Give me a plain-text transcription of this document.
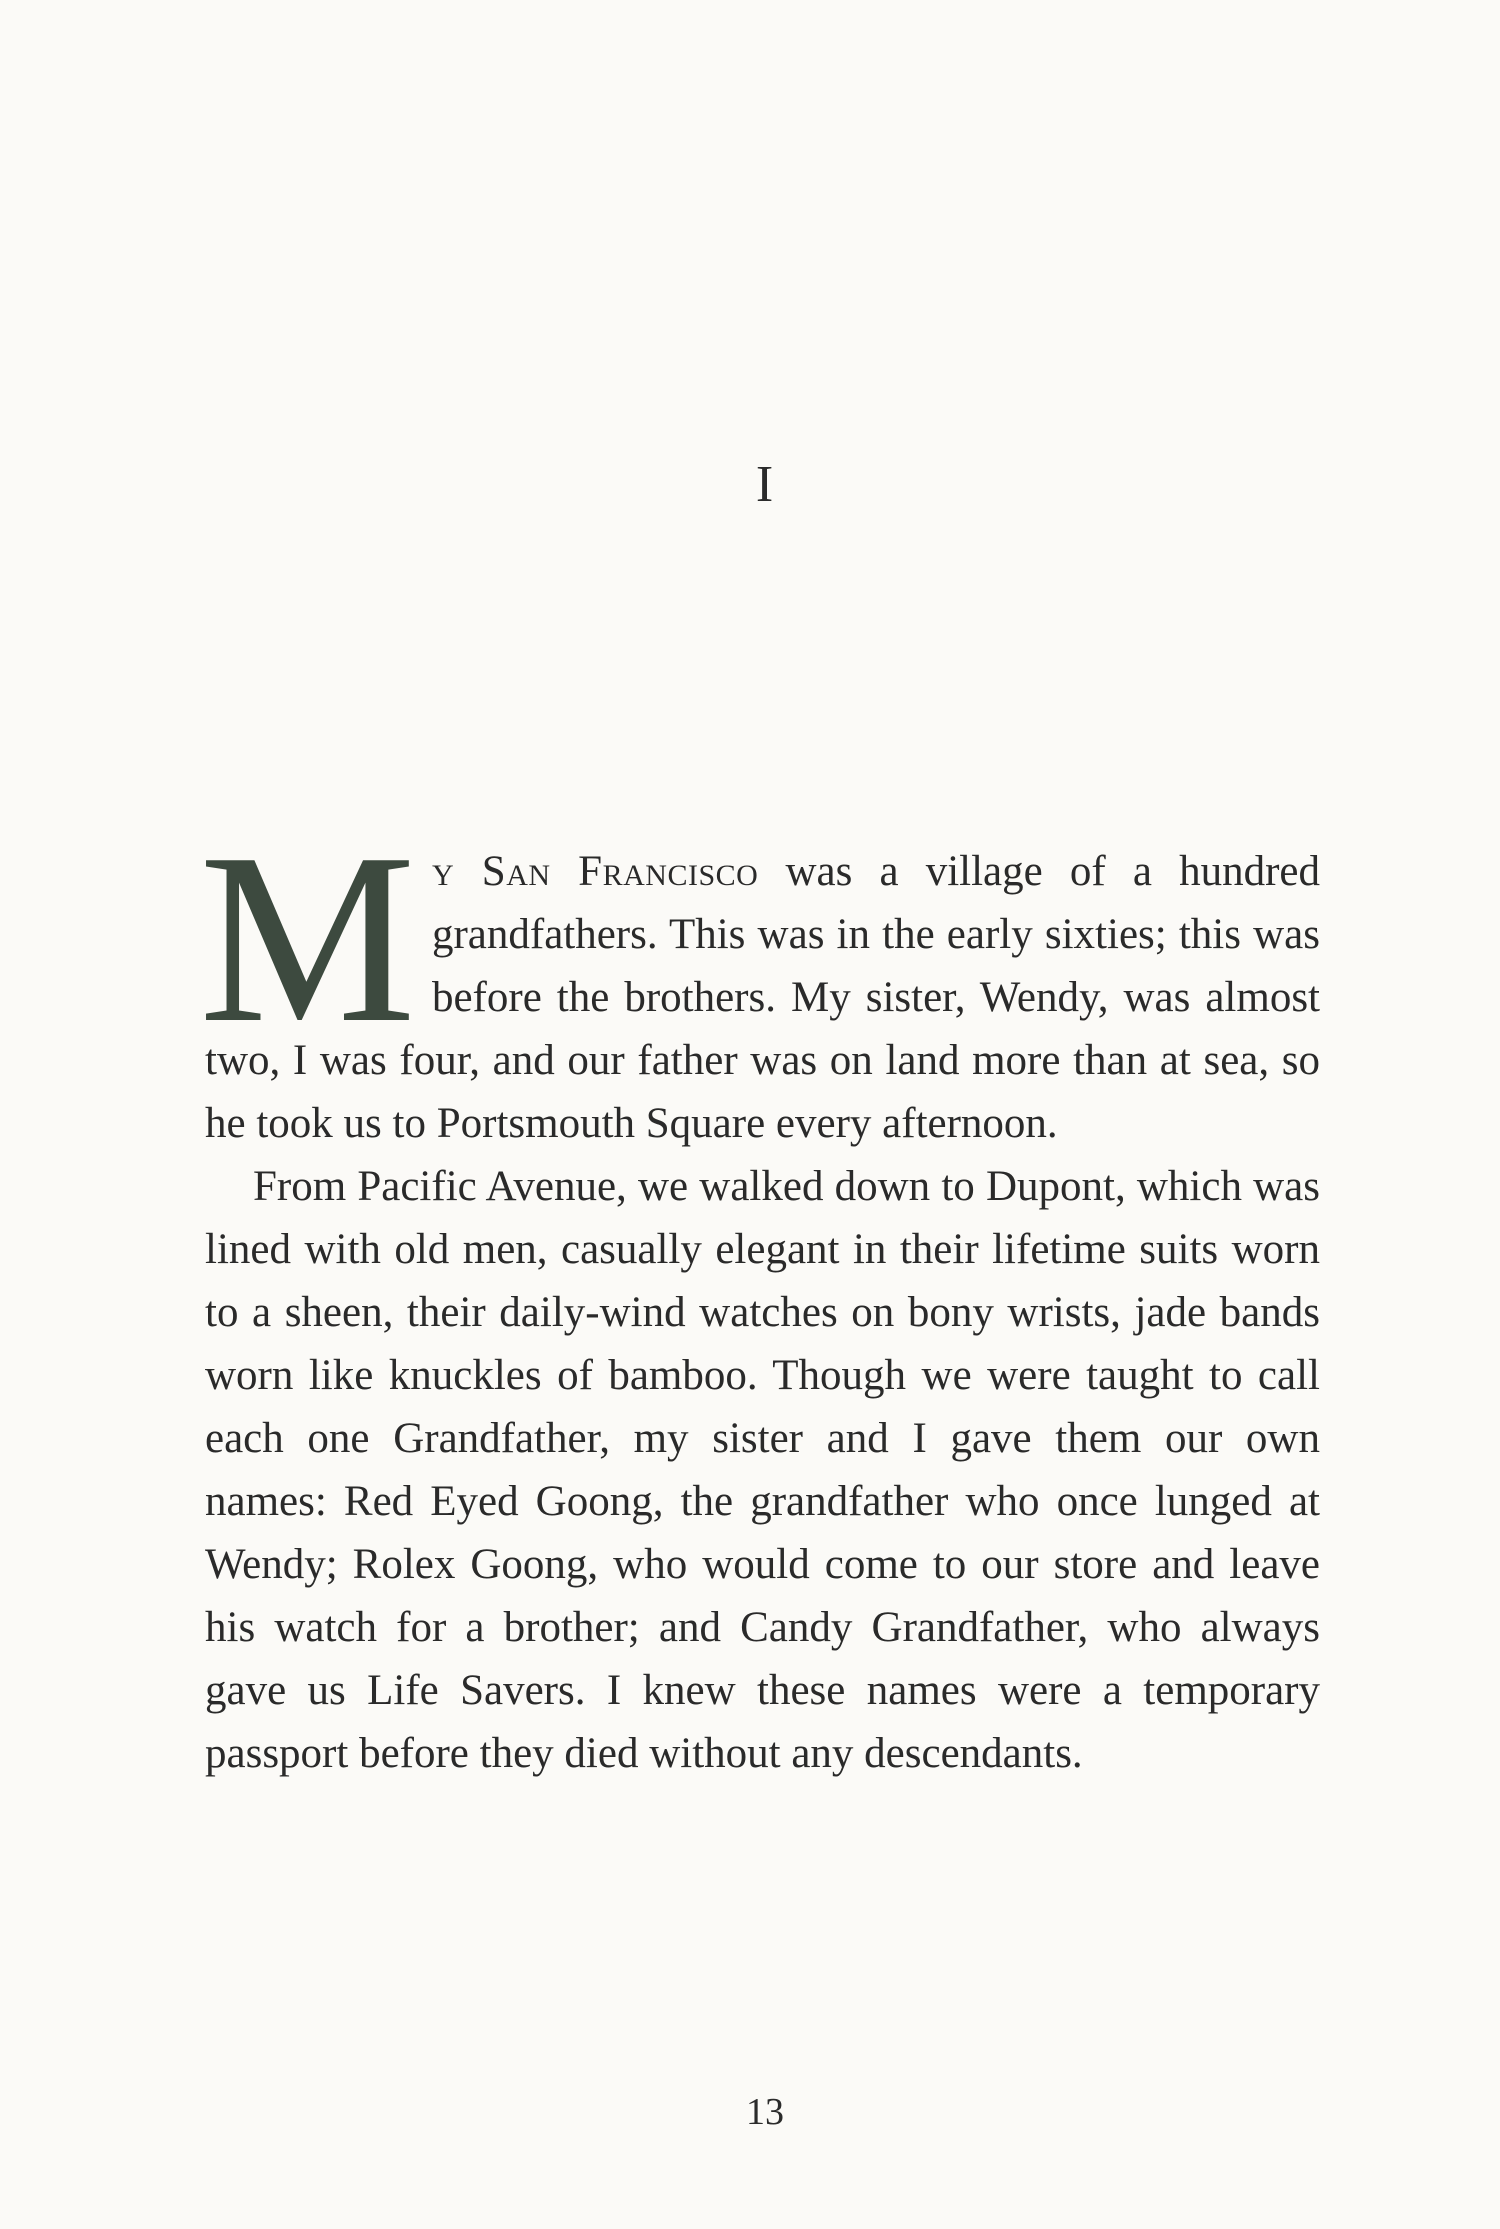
I

My San Francisco was a village of a hundred grandfathers. This was in the early sixties; this was before the brothers. My sister, Wendy, was almost two, I was four, and our father was on land more than at sea, so he took us to Portsmouth Square every afternoon.

From Pacific Avenue, we walked down to Dupont, which was lined with old men, casually elegant in their lifetime suits worn to a sheen, their daily-wind watches on bony wrists, jade bands worn like knuckles of bamboo. Though we were taught to call each one Grandfather, my sister and I gave them our own names: Red Eyed Goong, the grandfather who once lunged at Wendy; Rolex Goong, who would come to our store and leave his watch for a brother; and Candy Grandfather, who always gave us Life Savers. I knew these names were a temporary passport before they died without any descendants.

13
